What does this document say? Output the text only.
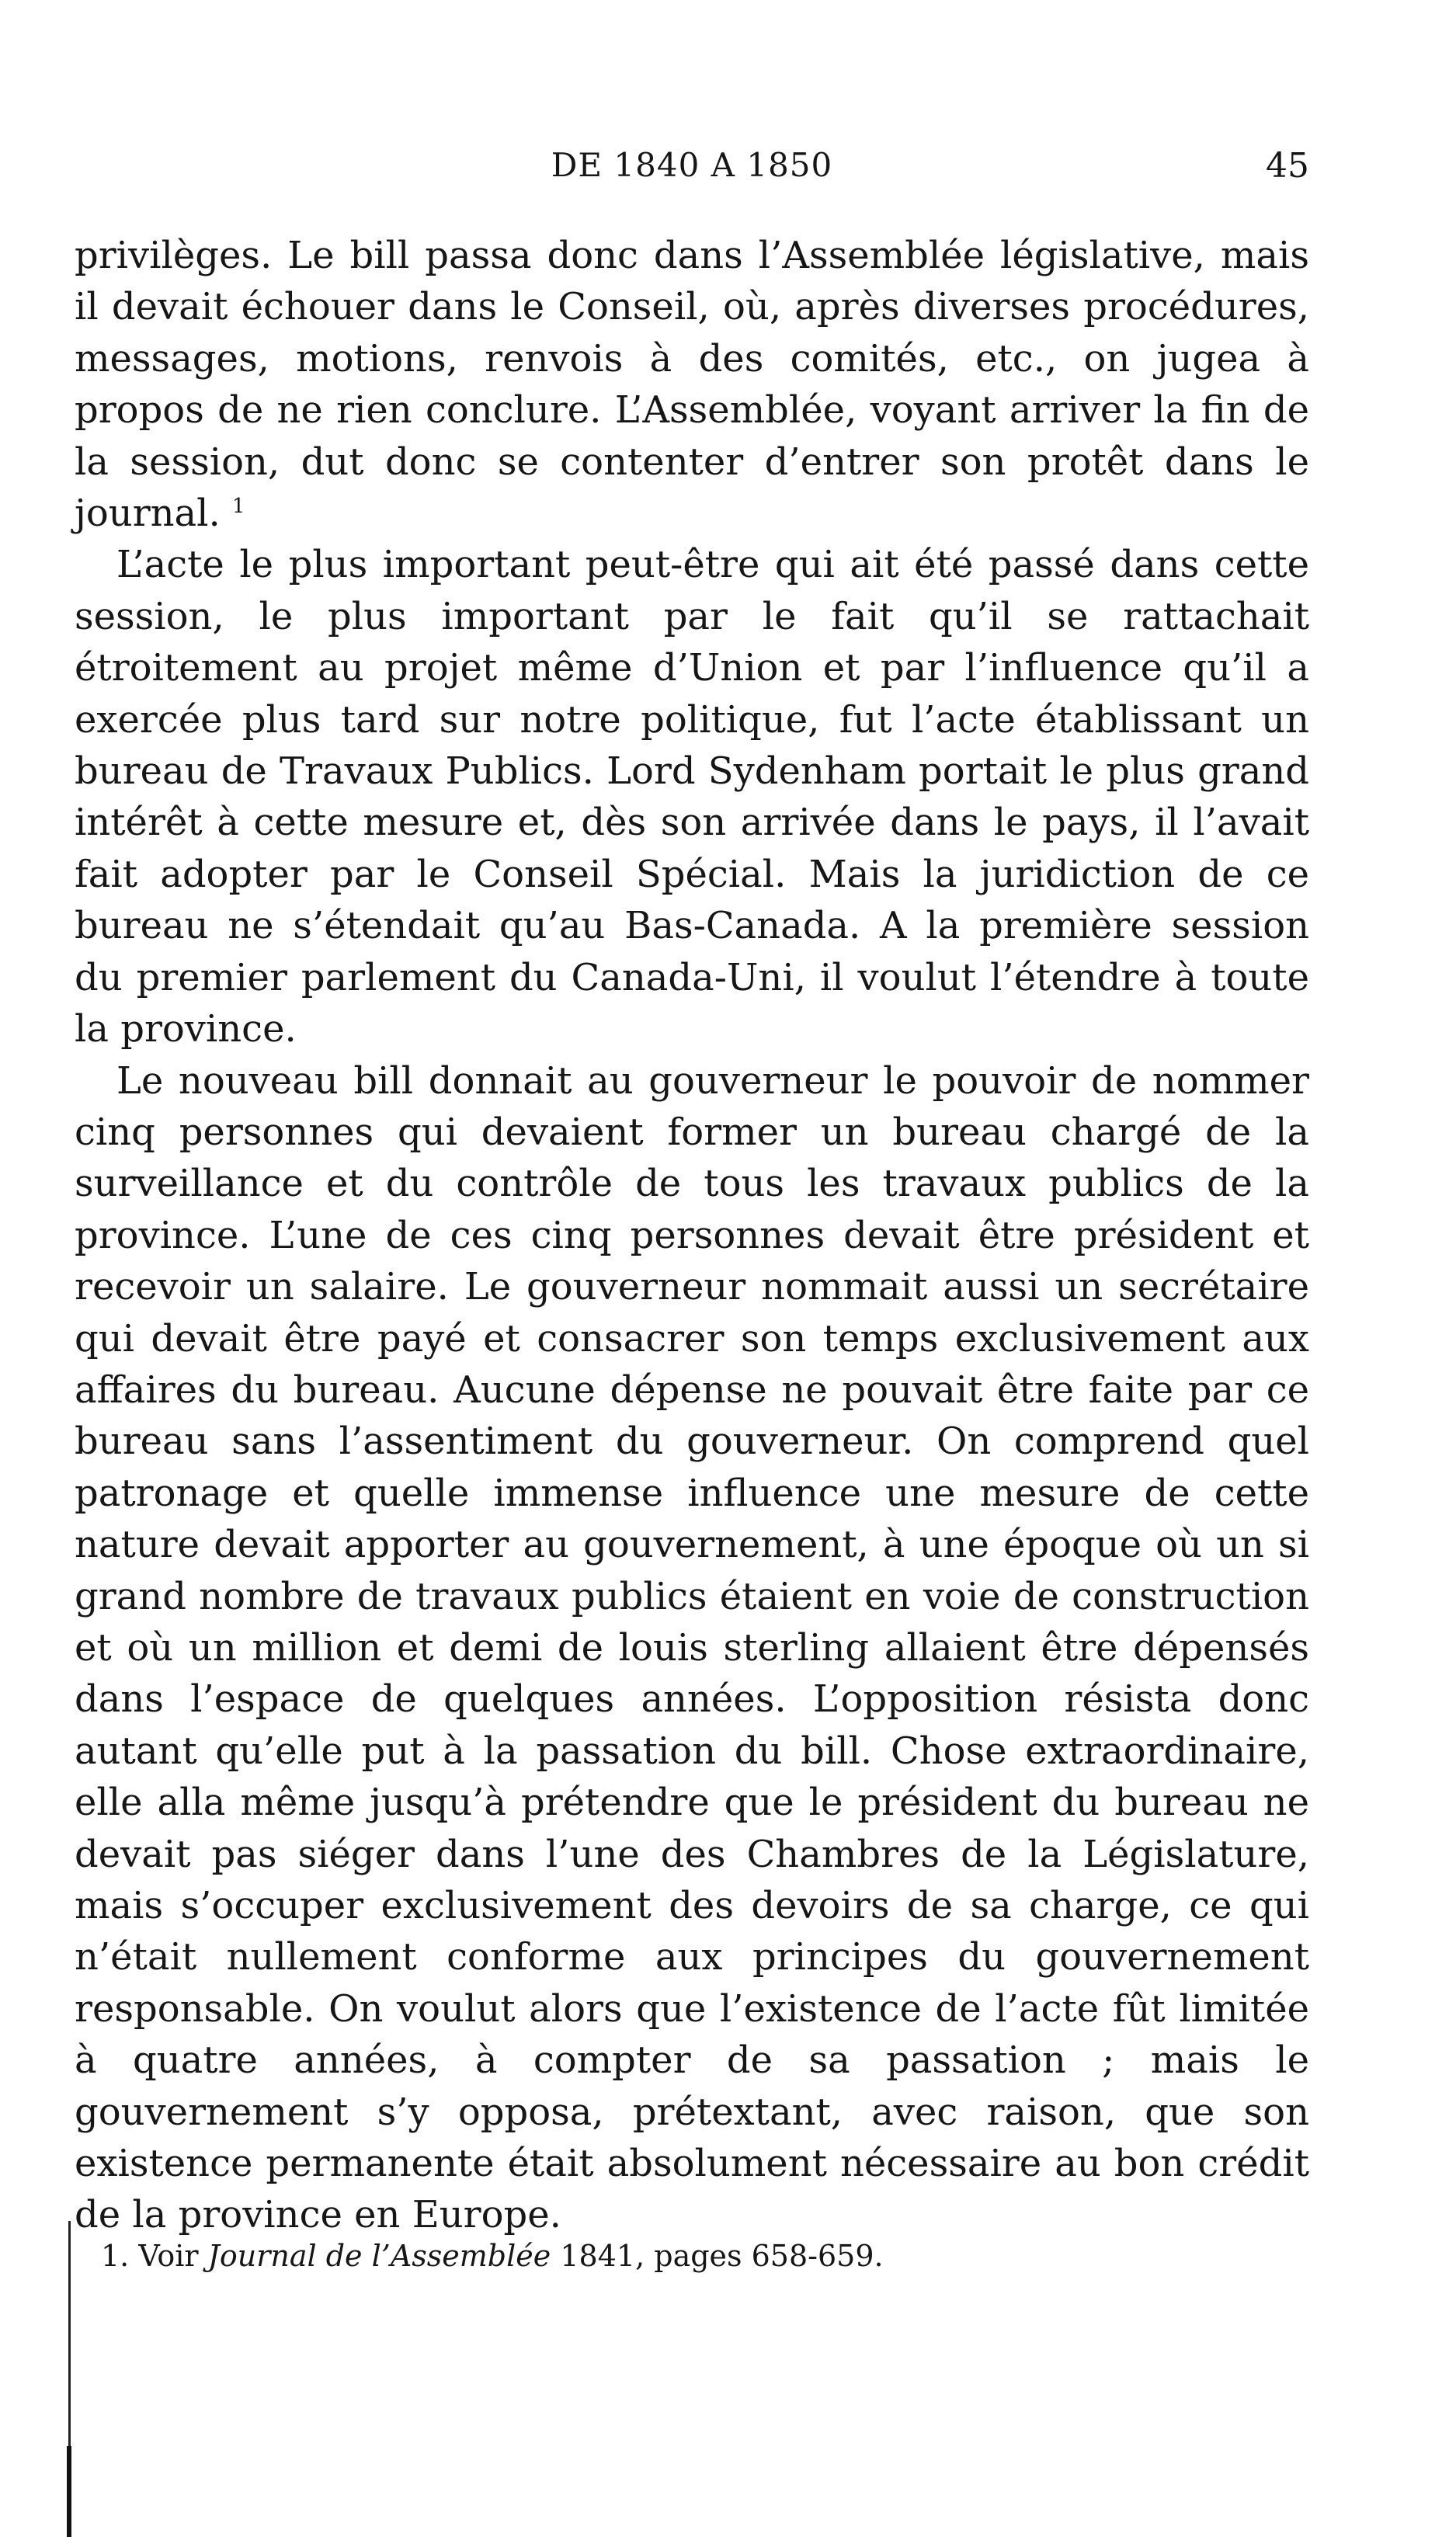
DE 1840 A 1850	45

privilèges. Le bill passa donc dans l’Assemblée législative, mais il devait échouer dans le Conseil, où, après diverses procédures, messages, motions, renvois à des comités, etc., on jugea à propos de ne rien conclure. L’Assemblée, voyant arriver la fin de la session, dut donc se contenter d’entrer son protêt dans le journal. $^1$

L’acte le plus important peut-être qui ait été passé dans cette session, le plus important par le fait qu’il se rattachait étroitement au projet même d’Union et par l’influence qu’il a exercée plus tard sur notre politique, fut l’acte établissant un bureau de Travaux Publics. Lord Sydenham portait le plus grand intérêt à cette mesure et, dès son arrivée dans le pays, il l’avait fait adopter par le Conseil Spécial. Mais la juridiction de ce bureau ne s’étendait qu’au Bas-Canada. A la première session du premier parlement du Canada-Uni, il voulut l’étendre à toute la province.

Le nouveau bill donnait au gouverneur le pouvoir de nommer cinq personnes qui devaient former un bureau chargé de la surveillance et du contrôle de tous les travaux publics de la province. L’une de ces cinq personnes devait être président et recevoir un salaire. Le gouverneur nommait aussi un secrétaire qui devait être payé et consacrer son temps exclusivement aux affaires du bureau. Aucune dépense ne pouvait être faite par ce bureau sans l’assentiment du gouverneur. On comprend quel patronage et quelle immense influence une mesure de cette nature devait apporter au gouvernement, à une époque où un si grand nombre de travaux publics étaient en voie de construction et où un million et demi de louis sterling allaient être dépensés dans l’espace de quelques années. L’opposition résista donc autant qu’elle put à la passation du bill. Chose extraordinaire, elle alla même jusqu’à prétendre que le président du bureau ne devait pas siéger dans l’une des Chambres de la Législature, mais s’occuper exclusivement des devoirs de sa charge, ce qui n’était nullement conforme aux principes du gouvernement responsable. On voulut alors que l’existence de l’acte fût limitée à quatre années, à compter de sa passation ; mais le gouvernement s’y opposa, prétextant, avec raison, que son existence permanente était absolument nécessaire au bon crédit de la province en Europe.

1. Voir Journal de l’Assemblée 1841, pages 658-659.
